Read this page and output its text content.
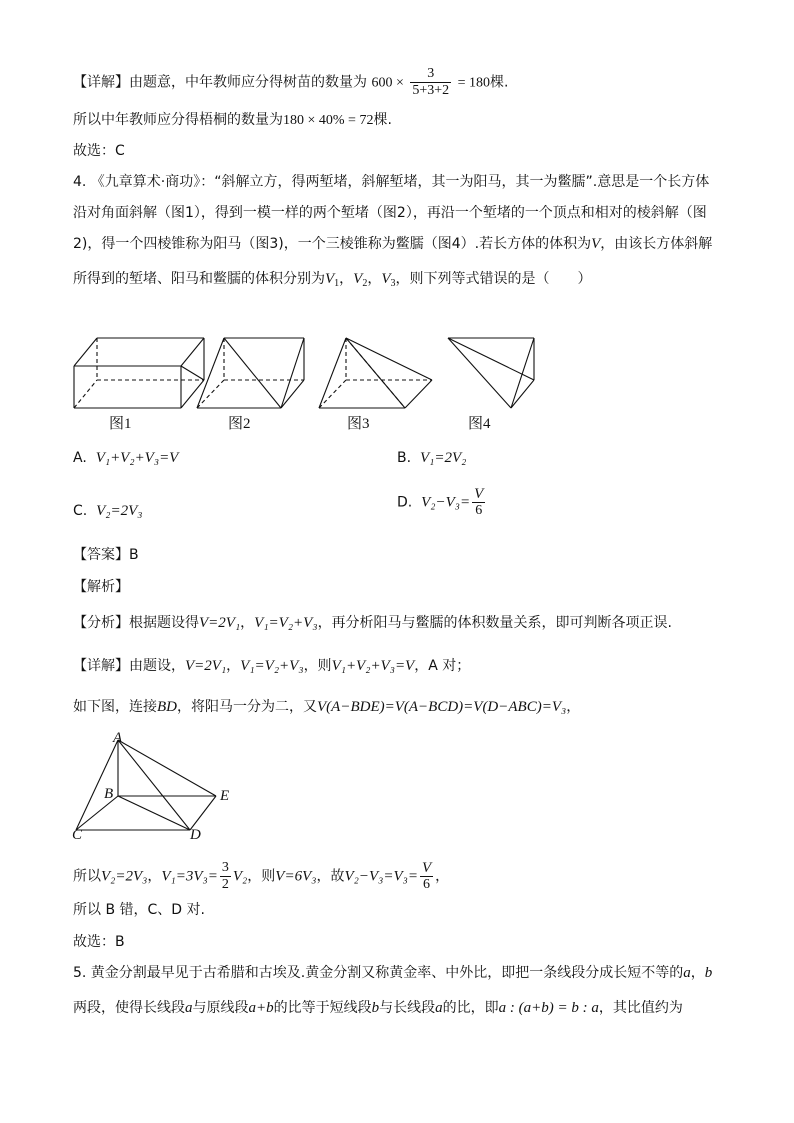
【详解】由题意，中年教师应分得树苗的数量为 $600 \times \frac{3}{5+3+2} = 180$棵.
所以中年教师应分得梧桐的数量为180 × 40% = 72棵.
故选：C
4. 《九章算术·商功》：“斜解立方，得两堑堵，斜解堑堵，其一为阳马，其一为鳖臑”.意思是一个长方体
沿对角面斜解（图1），得到一模一样的两个堑堵（图2），再沿一个堑堵的一个顶点和相对的棱斜解（图
2)，得一个四棱锥称为阳马（图3)，一个三棱锥称为鳖臑（图4）.若长方体的体积为V，由该长方体斜解
所得到的堑堵、阳马和鳖臑的体积分别为$V_1$，$V_2$，$V_3$，则下列等式错误的是（　　）
图1	图2	图3	图4
A. V₁+V₂+V₃=V	B. V₁=2V₂
C. V₂=2V₃
D. $V_2-V_3= \frac{V}{6}$
【答案】B
【解析】
【分析】根据题设得V=2V₁，V₁=V₂+V₃，再分析阳马与鳖臑的体积数量关系，即可判断各项正误.
【详解】由题设，V=2V₁，V₁=V₂+V₃，则V₁+V₂+V₃=V，A 对；
如下图，连接BD，将阳马一分为二，又V(A−BDE)=V(A−BCD)=V(D−ABC)=V₃，
A
B
C	D
E
所以V₂=2V₃，$V_1=3V_3= \frac{3}{2} V_2$，则V=6V₃，故$V_2-V_3=V_3= \frac{V}{6}$ ，
所以 B 错，C、D 对.
故选：B
5. 黄金分割最早见于古希腊和古埃及.黄金分割又称黄金率、中外比，即把一条线段分成长短不等的a，b
两段，使得长线段a与原线段a+b的比等于短线段b与长线段a的比，即a : (a+b) = b : a，其比值约为
